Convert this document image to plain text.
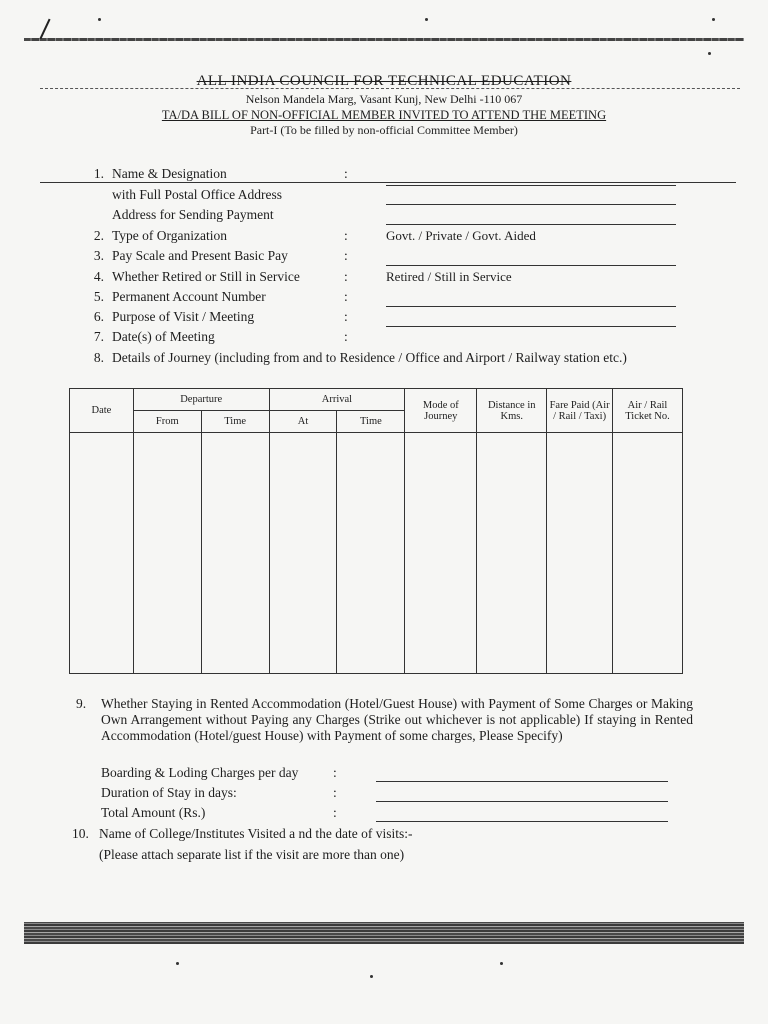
ALL INDIA COUNCIL FOR TECHNICAL EDUCATION
Nelson Mandela Marg, Vasant Kunj, New Delhi -110 067
TA/DA BILL OF NON-OFFICIAL MEMBER INVITED TO ATTEND THE MEETING
Part-I (To be filled by non-official Committee Member)
1. Name & Designation	:
with Full Postal Office Address
Address for Sending Payment
2. Type of Organization	:	Govt. / Private / Govt. Aided
3. Pay Scale and Present Basic Pay	:
4. Whether Retired or Still in Service	:	Retired / Still in Service
5. Permanent Account Number	:
6. Purpose of Visit / Meeting	:
7. Date(s) of Meeting	:
8. Details of Journey (including from and to Residence / Office and Airport / Railway station etc.)
Date	Departure		Arrival		Mode of Journey	Distance in Kms.	Fare Paid (Air / Rail / Taxi)	Air / Rail Ticket No.
	From	Time	At	Time				

9. Whether Staying in Rented Accommodation (Hotel/Guest House) with Payment of Some Charges or Making Own Arrangement without Paying any Charges (Strike out whichever is not applicable) If staying in Rented Accommodation (Hotel/guest House) with Payment of some charges, Please Specify)
Boarding & Loding Charges per day	:
Duration of Stay in days:	:
Total Amount (Rs.)	:
10. Name of College/Institutes Visited a nd the date of visits:-
(Please attach separate list if the visit are more than one)
